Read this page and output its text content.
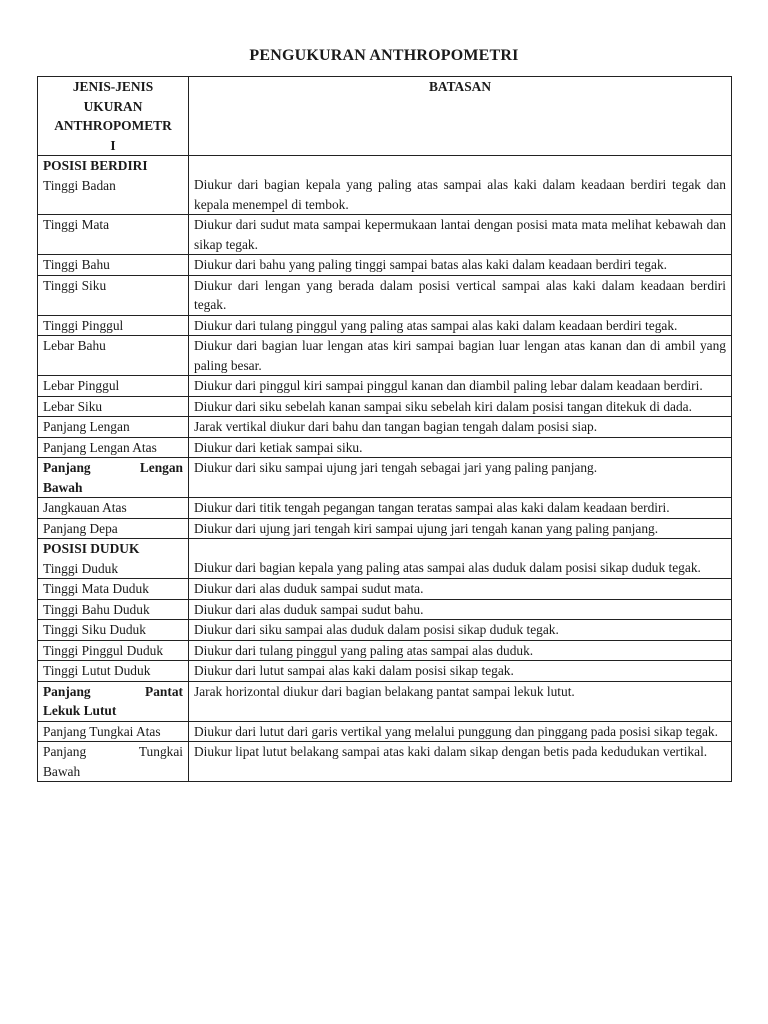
PENGUKURAN ANTHROPOMETRI
JENIS-JENIS
UKURAN
ANTHROPOMETR
I	BATASAN

POSISI BERDIRI
Tinggi Badan	Diukur dari bagian kepala yang paling atas sampai alas kaki dalam keadaan berdiri tegak dan kepala menempel di tembok.

Tinggi Mata	Diukur dari sudut mata sampai kepermukaan lantai dengan posisi mata mata melihat kebawah dan sikap tegak.
Tinggi Bahu	Diukur dari bahu yang paling tinggi sampai batas alas kaki dalam keadaan berdiri tegak.
Tinggi Siku	Diukur dari lengan yang berada dalam posisi vertical sampai alas kaki dalam keadaan berdiri tegak.
Tinggi Pinggul	Diukur dari tulang pinggul yang paling atas sampai alas kaki dalam keadaan berdiri tegak.
Lebar Bahu	Diukur dari bagian luar lengan atas kiri sampai bagian luar lengan atas kanan dan di ambil yang paling besar.
Lebar Pinggul	Diukur dari pinggul kiri sampai pinggul kanan dan diambil paling lebar dalam keadaan berdiri.
Lebar Siku	Diukur dari siku sebelah kanan sampai siku sebelah kiri dalam posisi tangan ditekuk di dada.
Panjang Lengan	Jarak vertikal diukur dari bahu dan tangan bagian tengah dalam posisi siap.
Panjang Lengan Atas	Diukur dari ketiak sampai siku.

Panjang Lengan
Bawah	Diukur dari siku sampai ujung jari tengah sebagai jari yang paling panjang.
Jangkauan Atas	Diukur dari titik tengah pegangan tangan teratas sampai alas kaki dalam keadaan berdiri.
Panjang Depa	Diukur dari ujung jari tengah kiri sampai ujung jari tengah kanan yang paling panjang.

POSISI DUDUK
Tinggi Duduk	Diukur dari bagian kepala yang paling atas sampai alas duduk dalam posisi sikap duduk tegak.

Tinggi Mata Duduk	Diukur dari alas duduk sampai sudut mata.
Tinggi Bahu Duduk	Diukur dari alas duduk sampai sudut bahu.
Tinggi Siku Duduk	Diukur dari siku sampai alas duduk dalam posisi sikap duduk tegak.
Tinggi Pinggul Duduk	Diukur dari tulang pinggul yang paling atas sampai alas duduk.
Tinggi Lutut Duduk	Diukur dari lutut sampai alas kaki dalam posisi sikap tegak.

Panjang Pantat
Lekuk Lutut	Jarak horizontal diukur dari bagian belakang pantat sampai lekuk lutut.
Panjang Tungkai Atas	Diukur dari lutut dari garis vertikal yang melalui punggung dan pinggang pada posisi sikap tegak.

Panjang Tungkai
Bawah	Diukur lipat lutut belakang sampai atas kaki dalam sikap dengan betis pada kedudukan vertikal.
